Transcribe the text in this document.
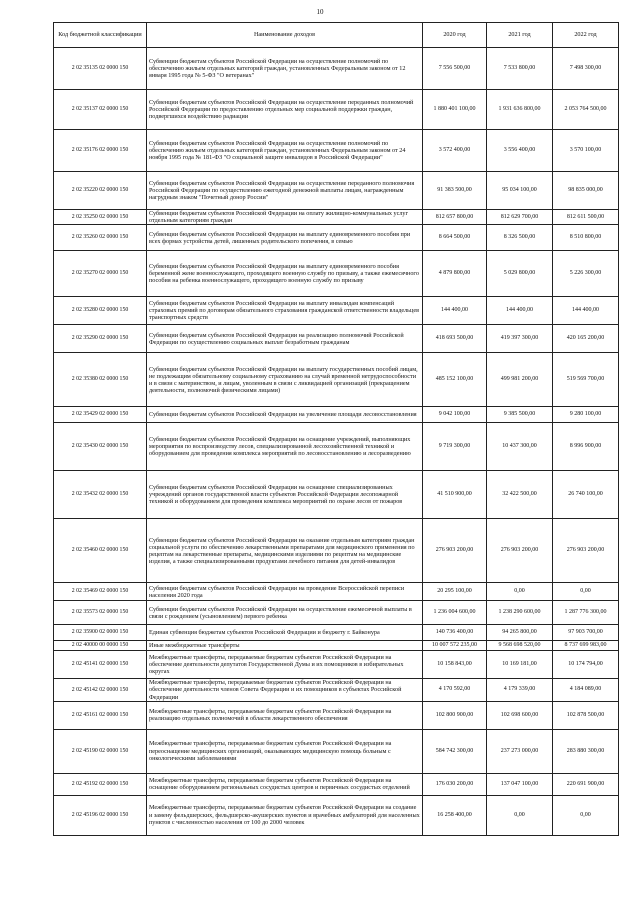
10
Код бюджетной классификации	Наименование доходов	2020 год	2021 год	2022 год
2 02 35135 02 0000 150	Субвенции бюджетам субъектов Российской Федерации на осуществление полномочий по обеспечению жильем отдельных категорий граждан, установленных Федеральным законом от 12 января 1995 года № 5-ФЗ "О ветеранах"	7 556 500,00	7 533 800,00	7 498 300,00
2 02 35137 02 0000 150	Субвенции бюджетам субъектов Российской Федерации на осуществление переданных полномочий Российской Федерации по предоставлению отдельных мер социальной поддержки граждан, подвергшихся воздействию радиации	1 880 401 100,00	1 931 636 800,00	2 053 764 500,00
2 02 35176 02 0000 150	Субвенции бюджетам субъектов Российской Федерации на осуществление полномочий по обеспечению жильем отдельных категорий граждан, установленных Федеральным законом от 24 ноября 1995 года № 181-ФЗ "О социальной защите инвалидов в Российской Федерации"	3 572 400,00	3 556 400,00	3 570 100,00
2 02 35220 02 0000 150	Субвенции бюджетам субъектов Российской Федерации на осуществление переданного полномочия Российской Федерации по осуществлению ежегодной денежной выплаты лицам, награжденным нагрудным знаком "Почетный донор России"	91 383 500,00	95 034 100,00	98 835 000,00
2 02 35250 02 0000 150	Субвенции бюджетам субъектов Российской Федерации на оплату жилищно-коммунальных услуг отдельным категориям граждан	812 657 800,00	812 629 700,00	812 611 500,00
2 02 35260 02 0000 150	Субвенции бюджетам субъектов Российской Федерации на выплату единовременного пособия при всех формах устройства детей, лишенных родительского попечения, в семью	8 664 500,00	8 326 500,00	8 510 800,00
2 02 35270 02 0000 150	Субвенции бюджетам субъектов Российской Федерации на выплату единовременного пособия беременной жене военнослужащего, проходящего военную службу по призыву, а также ежемесячного пособия на ребенка военнослужащего, проходящего военную службу по призыву	4 879 800,00	5 029 800,00	5 226 300,00
2 02 35280 02 0000 150	Субвенции бюджетам субъектов Российской Федерации на выплату инвалидам компенсаций страховых премий по договорам обязательного страхования гражданской ответственности владельцев транспортных средств	144 400,00	144 400,00	144 400,00
2 02 35290 02 0000 150	Субвенции бюджетам субъектов Российской Федерации на реализацию полномочий Российской Федерации по осуществлению социальных выплат безработным гражданам	418 693 500,00	419 397 300,00	420 165 200,00
2 02 35380 02 0000 150	Субвенции бюджетам субъектов Российской Федерации на выплату государственных пособий лицам, не подлежащим обязательному социальному страхованию на случай временной нетрудоспособности и в связи с материнством, и лицам, уволенным в связи с ликвидацией организаций (прекращением деятельности, полномочий физическими лицами)	485 152 100,00	499 981 200,00	519 569 700,00
2 02 35429 02 0000 150	Субвенции бюджетам субъектов Российской Федерации на увеличение площади лесовосстановления	9 042 100,00	9 385 500,00	9 280 100,00
2 02 35430 02 0000 150	Субвенции бюджетам субъектов Российской Федерации на оснащение учреждений, выполняющих мероприятия по воспроизводству лесов, специализированной лесохозяйственной техникой и оборудованием для проведения комплекса мероприятий по лесовосстановлению и лесоразведению	9 719 300,00	10 437 300,00	8 996 900,00
2 02 35432 02 0000 150	Субвенции бюджетам субъектов Российской Федерации на оснащение специализированных учреждений органов государственной власти субъектов Российской Федерации лесопожарной техникой и оборудованием для проведения комплекса мероприятий по охране лесов от пожаров	41 510 900,00	32 422 500,00	26 740 100,00
2 02 35460 02 0000 150	Субвенции бюджетам субъектов Российской Федерации на оказание отдельным категориям граждан социальной услуги по обеспечению лекарственными препаратами для медицинского применения по рецептам на лекарственные препараты, медицинскими изделиями по рецептам на медицинские изделия, а также специализированными продуктами лечебного питания для детей-инвалидов	276 903 200,00	276 903 200,00	276 903 200,00
2 02 35469 02 0000 150	Субвенции бюджетам субъектов Российской Федерации на проведение Всероссийской переписи населения 2020 года	20 295 100,00	0,00	0,00
2 02 35573 02 0000 150	Субвенции бюджетам субъектов Российской Федерации на осуществление ежемесячной выплаты в связи с рождением (усыновлением) первого ребенка	1 236 004 600,00	1 238 290 600,00	1 287 776 300,00
2 02 35900 02 0000 150	Единая субвенция бюджетам субъектов Российской Федерации и бюджету г. Байконура	140 736 400,00	94 265 800,00	97 903 700,00
2 02 40000 00 0000 150	Иные межбюджетные трансферты	10 007 572 235,00	9 568 698 520,00	8 737 699 983,00
2 02 45141 02 0000 150	Межбюджетные трансферты, передаваемые бюджетам субъектов Российской Федерации на обеспечение деятельности депутатов Государственной Думы и их помощников в избирательных округах	10 158 843,00	10 169 181,00	10 174 794,00
2 02 45142 02 0000 150	Межбюджетные трансферты, передаваемые бюджетам субъектов Российской Федерации на обеспечение деятельности членов Совета Федерации и их помощников в субъектах Российской Федерации	4 170 592,00	4 179 339,00	4 184 089,00
2 02 45161 02 0000 150	Межбюджетные трансферты, передаваемые бюджетам субъектов Российской Федерации на реализацию отдельных полномочий в области лекарственного обеспечения	102 800 900,00	102 698 600,00	102 878 500,00
2 02 45190 02 0000 150	Межбюджетные трансферты, передаваемые бюджетам субъектов Российской Федерации на переоснащение медицинских организаций, оказывающих медицинскую помощь больным с онкологическими заболеваниями	584 742 300,00	237 273 000,00	283 880 300,00
2 02 45192 02 0000 150	Межбюджетные трансферты, передаваемые бюджетам субъектов Российской Федерации на оснащение оборудованием региональных сосудистых центров и первичных сосудистых отделений	176 030 200,00	137 047 100,00	220 691 900,00
2 02 45196 02 0000 150	Межбюджетные трансферты, передаваемые бюджетам субъектов Российской Федерации на создание и замену фельдшерских, фельдшерско-акушерских пунктов и врачебных амбулаторий для населенных пунктов с численностью населения от 100 до 2000 человек	16 258 400,00	0,00	0,00
